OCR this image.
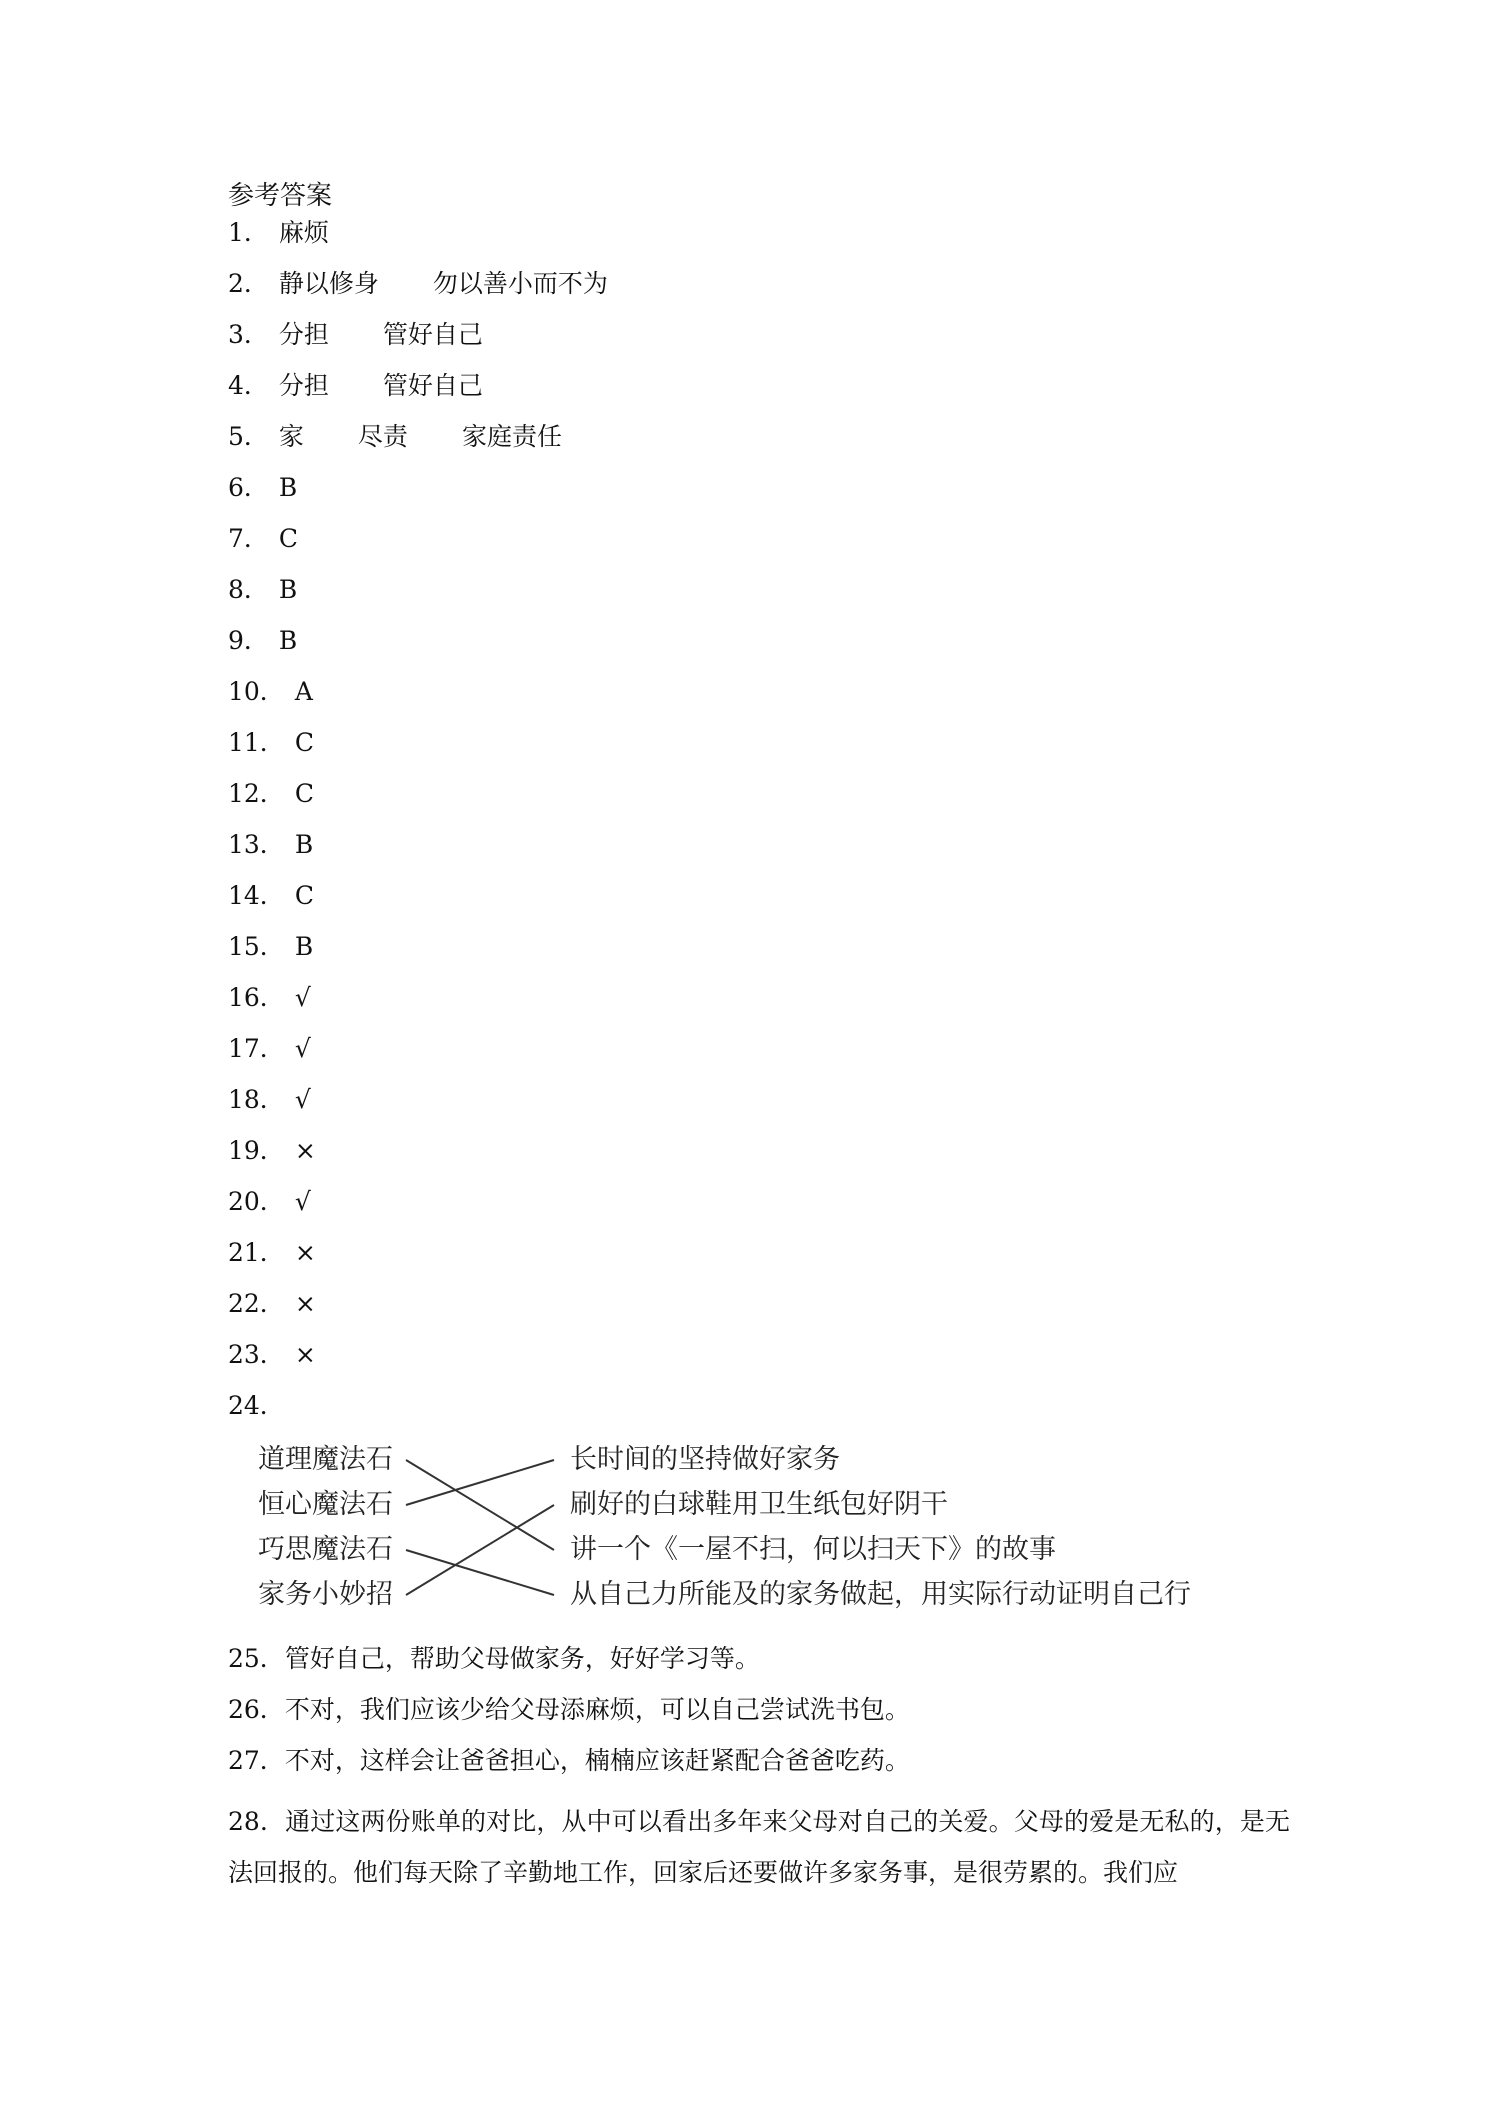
参考答案
1． 麻烦
2． 静以修身 勿以善小而不为
3． 分担 管好自己
4． 分担 管好自己
5． 家 尽责 家庭责任
6． B
7． C
8． B
9． B
10． A
11． C
12． C
13． B
14． C
15． B
16． √
17． √
18． √
19． ×
20． √
21． ×
22． ×
23． ×
24．
道理魔法石
恒心魔法石
巧思魔法石
家务小妙招
长时间的坚持做好家务
刷好的白球鞋用卫生纸包好阴干
讲一个《一屋不扫，何以扫天下》的故事
从自己力所能及的家务做起，用实际行动证明自己行
25．管好自己，帮助父母做家务，好好学习等。
26．不对，我们应该少给父母添麻烦，可以自己尝试洗书包。
27．不对，这样会让爸爸担心，楠楠应该赶紧配合爸爸吃药。
28．通过这两份账单的对比，从中可以看出多年来父母对自己的关爱。父母的爱是无私的，是无法回报的。他们每天除了辛勤地工作，回家后还要做许多家务事，是很劳累的。我们应
